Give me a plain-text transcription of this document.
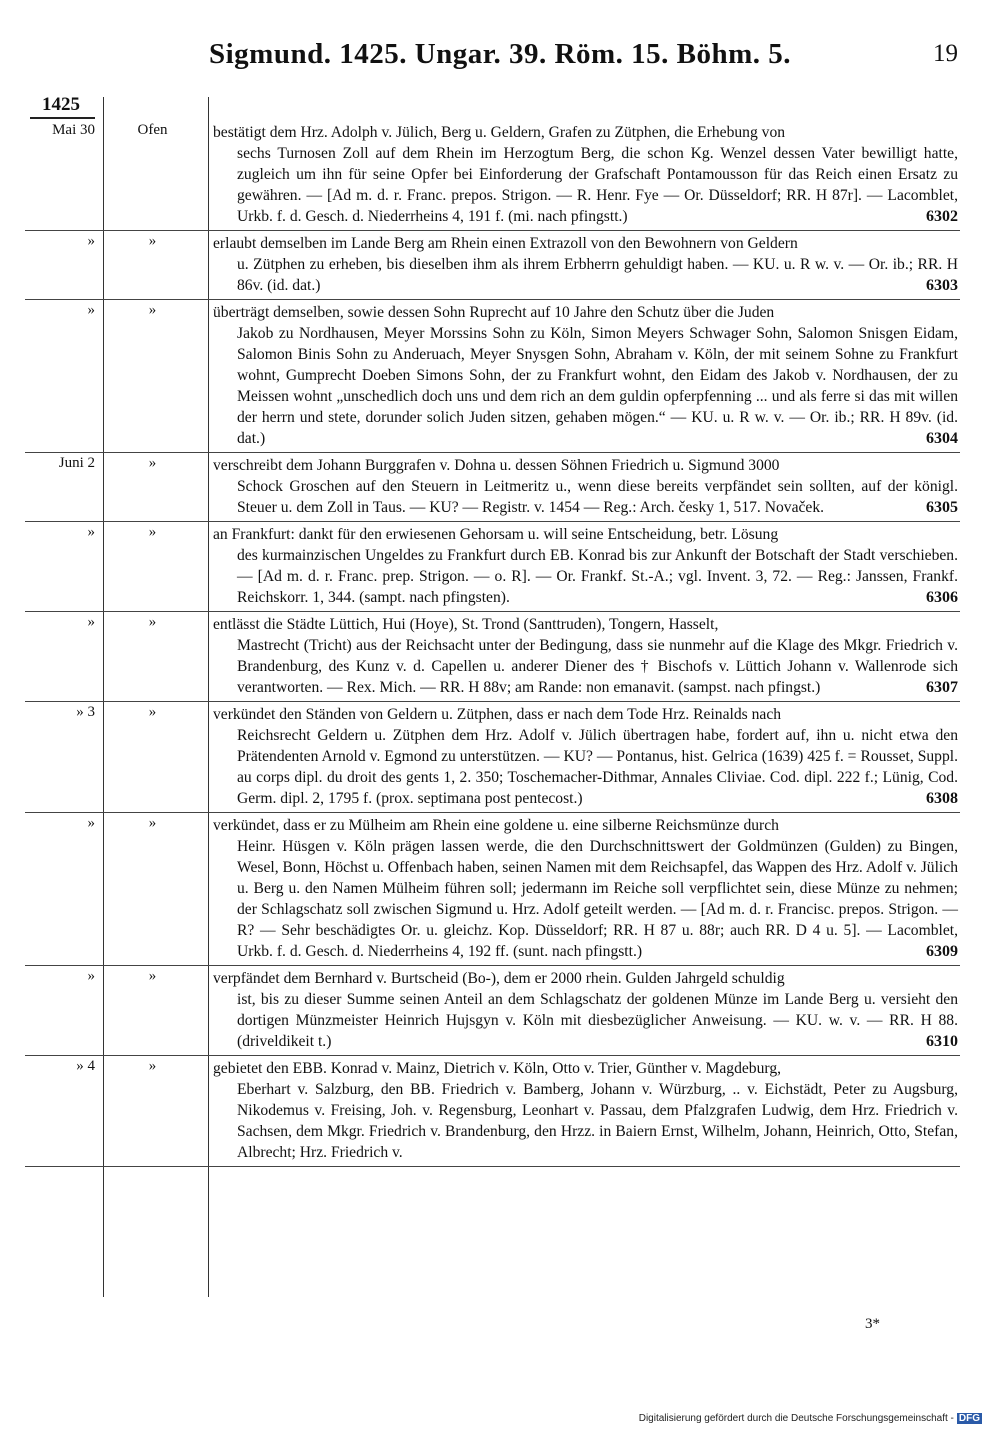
Sigmund. 1425. Ungar. 39. Röm. 15. Böhm. 5.	19
1425
Mai 30	Ofen	bestätigt dem Hrz. Adolph v. Jülich, Berg u. Geldern, Grafen zu Zütphen, die Erhebung von
sechs Turnosen Zoll auf dem Rhein im Herzogtum Berg, die schon Kg. Wenzel dessen Vater bewilligt hatte, zugleich um ihn für seine Opfer bei Einforderung der Grafschaft Pontamousson für das Reich einen Ersatz zu gewähren. — [Ad m. d. r. Franc. prepos. Strigon. — R. Henr. Fye — Or. Düsseldorf; RR. H 87r]. — Lacomblet, Urkb. f. d. Gesch. d. Niederrheins 4, 191 f. (mi. nach pfingstt.)	6302
»	»	erlaubt demselben im Lande Berg am Rhein einen Extrazoll von den Bewohnern von Geldern
u. Zütphen zu erheben, bis dieselben ihm als ihrem Erbherrn gehuldigt haben. — KU. u. R w. v. — Or. ib.; RR. H 86v. (id. dat.)	6303
»	»	überträgt demselben, sowie dessen Sohn Ruprecht auf 10 Jahre den Schutz über die Juden
Jakob zu Nordhausen, Meyer Morssins Sohn zu Köln, Simon Meyers Schwager Sohn, Salomon Snisgen Eidam, Salomon Binis Sohn zu Anderuach, Meyer Snysgen Sohn, Abraham v. Köln, der mit seinem Sohne zu Frankfurt wohnt, Gumprecht Doeben Simons Sohn, der zu Frankfurt wohnt, den Eidam des Jakob v. Nordhausen, der zu Meissen wohnt „unschedlich doch uns und dem rich an dem guldin opferpfenning ... und als ferre si das mit willen der herrn und stete, dorunder solich Juden sitzen, gehaben mögen.“ — KU. u. R w. v. — Or. ib.; RR. H 89v. (id. dat.)	6304
Juni 2	»	verschreibt dem Johann Burggrafen v. Dohna u. dessen Söhnen Friedrich u. Sigmund 3000
Schock Groschen auf den Steuern in Leitmeritz u., wenn diese bereits verpfändet sein sollten, auf der königl. Steuer u. dem Zoll in Taus. — KU? — Registr. v. 1454 — Reg.: Arch. česky 1, 517. Novaček.	6305
»	»	an Frankfurt: dankt für den erwiesenen Gehorsam u. will seine Entscheidung, betr. Lösung
des kurmainzischen Ungeldes zu Frankfurt durch EB. Konrad bis zur Ankunft der Botschaft der Stadt verschieben. — [Ad m. d. r. Franc. prep. Strigon. — o. R]. — Or. Frankf. St.-A.; vgl. Invent. 3, 72. — Reg.: Janssen, Frankf. Reichskorr. 1, 344. (sampt. nach pfingsten).	6306
»	»	entlässt die Städte Lüttich, Hui (Hoye), St. Trond (Santtruden), Tongern, Hasselt,
Mastrecht (Tricht) aus der Reichsacht unter der Bedingung, dass sie nunmehr auf die Klage des Mkgr. Friedrich v. Brandenburg, des Kunz v. d. Capellen u. anderer Diener des † Bischofs v. Lüttich Johann v. Wallenrode sich verantworten. — Rex. Mich. — RR. H 88v; am Rande: non emanavit. (sampst. nach pfingst.)	6307
» 3	»	verkündet den Ständen von Geldern u. Zütphen, dass er nach dem Tode Hrz. Reinalds nach
Reichsrecht Geldern u. Zütphen dem Hrz. Adolf v. Jülich übertragen habe, fordert auf, ihn u. nicht etwa den Prätendenten Arnold v. Egmond zu unterstützen. — KU? — Pontanus, hist. Gelrica (1639) 425 f. = Rousset, Suppl. au corps dipl. du droit des gents 1, 2. 350; Toschemacher-Dithmar, Annales Cliviae. Cod. dipl. 222 f.; Lünig, Cod. Germ. dipl. 2, 1795 f. (prox. septimana post pentecost.)	6308
»	»	verkündet, dass er zu Mülheim am Rhein eine goldene u. eine silberne Reichsmünze durch
Heinr. Hüsgen v. Köln prägen lassen werde, die den Durchschnittswert der Goldmünzen (Gulden) zu Bingen, Wesel, Bonn, Höchst u. Offenbach haben, seinen Namen mit dem Reichsapfel, das Wappen des Hrz. Adolf v. Jülich u. Berg u. den Namen Mülheim führen soll; jedermann im Reiche soll verpflichtet sein, diese Münze zu nehmen; der Schlagschatz soll zwischen Sigmund u. Hrz. Adolf geteilt werden. — [Ad m. d. r. Francisc. prepos. Strigon. — R? — Sehr beschädigtes Or. u. gleichz. Kop. Düsseldorf; RR. H 87 u. 88r; auch RR. D 4 u. 5]. — Lacomblet, Urkb. f. d. Gesch. d. Niederrheins 4, 192 ff. (sunt. nach pfingstt.)	6309
»	»	verpfändet dem Bernhard v. Burtscheid (Bo-), dem er 2000 rhein. Gulden Jahrgeld schuldig
ist, bis zu dieser Summe seinen Anteil an dem Schlagschatz der goldenen Münze im Lande Berg u. versieht den dortigen Münzmeister Heinrich Hujsgyn v. Köln mit diesbezüglicher Anweisung. — KU. w. v. — RR. H 88. (driveldikeit t.)	6310
» 4	»	gebietet den EBB. Konrad v. Mainz, Dietrich v. Köln, Otto v. Trier, Günther v. Magdeburg,
Eberhart v. Salzburg, den BB. Friedrich v. Bamberg, Johann v. Würzburg, .. v. Eichstädt, Peter zu Augsburg, Nikodemus v. Freising, Joh. v. Regensburg, Leonhart v. Passau, dem Pfalzgrafen Ludwig, dem Hrz. Friedrich v. Sachsen, dem Mkgr. Friedrich v. Brandenburg, den Hrzz. in Baiern Ernst, Wilhelm, Johann, Heinrich, Otto, Stefan, Albrecht; Hrz. Friedrich v.
3*
Digitalisierung gefördert durch die Deutsche Forschungsgemeinschaft - DFG
